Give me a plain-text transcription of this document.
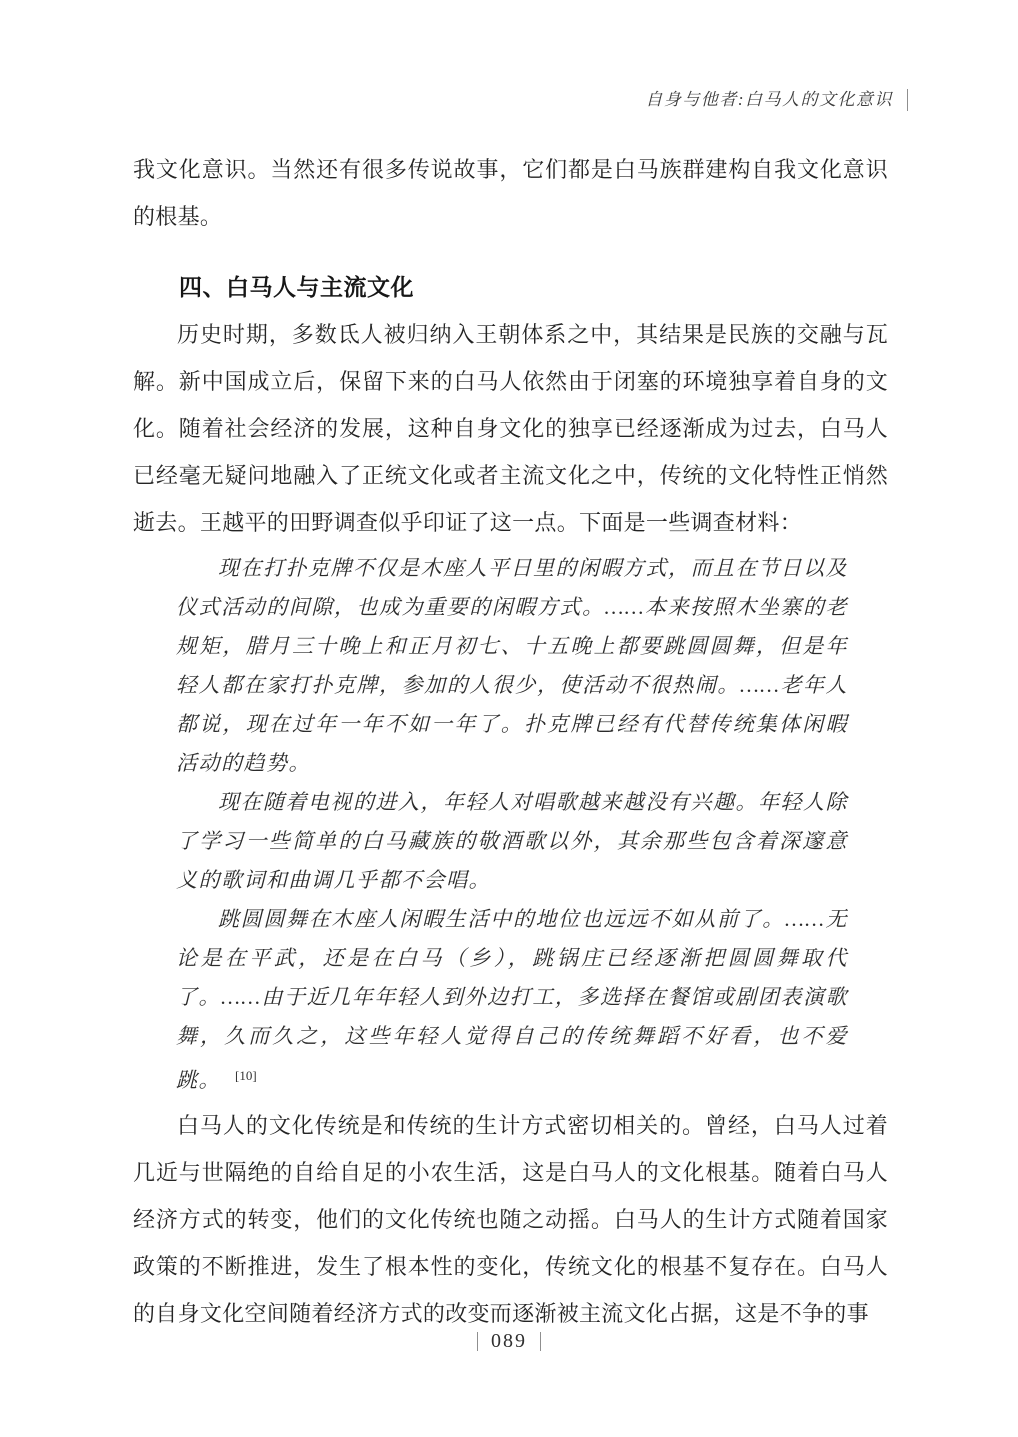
自身与他者:白马人的文化意识

我文化意识。当然还有很多传说故事，它们都是白马族群建构自我文化意识的根基。

四、白马人与主流文化

历史时期，多数氐人被归纳入王朝体系之中，其结果是民族的交融与瓦解。新中国成立后，保留下来的白马人依然由于闭塞的环境独享着自身的文化。随着社会经济的发展，这种自身文化的独享已经逐渐成为过去，白马人已经毫无疑问地融入了正统文化或者主流文化之中，传统的文化特性正悄然逝去。王越平的田野调查似乎印证了这一点。下面是一些调查材料：

现在打扑克牌不仅是木座人平日里的闲暇方式，而且在节日以及仪式活动的间隙，也成为重要的闲暇方式。……本来按照木坐寨的老规矩，腊月三十晚上和正月初七、十五晚上都要跳圆圆舞，但是年轻人都在家打扑克牌，参加的人很少，使活动不很热闹。……老年人都说，现在过年一年不如一年了。扑克牌已经有代替传统集体闲暇活动的趋势。

现在随着电视的进入，年轻人对唱歌越来越没有兴趣。年轻人除了学习一些简单的白马藏族的敬酒歌以外，其余那些包含着深邃意义的歌词和曲调几乎都不会唱。

跳圆圆舞在木座人闲暇生活中的地位也远远不如从前了。……无论是在平武，还是在白马（乡），跳锅庄已经逐渐把圆圆舞取代了。……由于近几年年轻人到外边打工，多选择在餐馆或剧团表演歌舞，久而久之，这些年轻人觉得自己的传统舞蹈不好看，也不爱跳。 [10]

白马人的文化传统是和传统的生计方式密切相关的。曾经，白马人过着几近与世隔绝的自给自足的小农生活，这是白马人的文化根基。随着白马人经济方式的转变，他们的文化传统也随之动摇。白马人的生计方式随着国家政策的不断推进，发生了根本性的变化，传统文化的根基不复存在。白马人的自身文化空间随着经济方式的改变而逐渐被主流文化占据，这是不争的事

089
